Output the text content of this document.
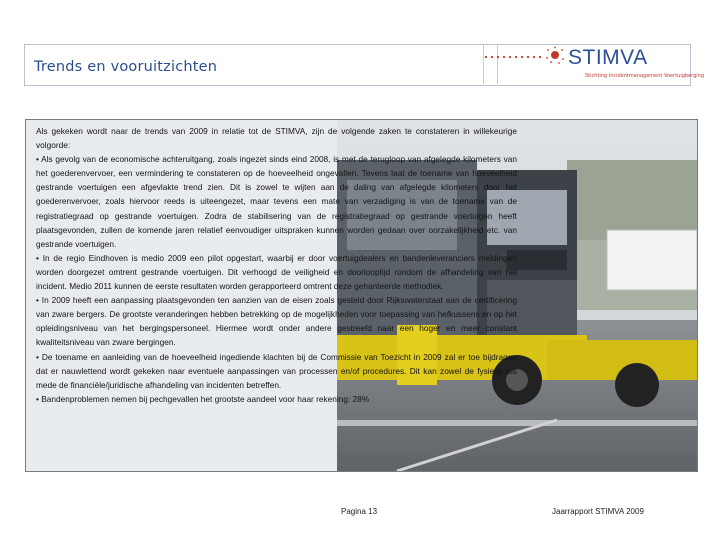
Trends en vooruitzichten	STIMVA
Stichting Incidentmanagement Voertuigberging

Als gekeken wordt naar de trends van 2009 in relatie tot de STIMVA, zijn de volgende zaken te constateren in willekeurige volgorde:

• Als gevolg van de economische achteruitgang, zoals ingezet sinds eind 2008, is met de terugloop van afgelegde kilometers van het goederenvervoer, een vermindering te constateren op de hoeveelheid ongevallen. Tevens laat de toename van hoeveelheid gestrande voertuigen een afgevlakte trend zien. Dit is zowel te wijten aan de daling van afgelegde kilometers door het goederenvervoer, zoals hiervoor reeds is uiteengezet, maar tevens een mate van verzadiging is van de toename van de registratiegraad op gestrande voertuigen. Zodra de stabilisering van de registratiegraad op gestrande voertuigen heeft plaatsgevonden, zullen de komende jaren relatief eenvoudiger uitspraken kunnen worden gedaan over oorzakelijkheid etc. van gestrande voertuigen.

• In de regio Eindhoven is medio 2009 een pilot opgestart, waarbij er door voertuigdealers en bandenleveranciers meldingen worden doorgezet omtrent gestrande voertuigen. Dit verhoogd de veiligheid en doorlooptijd rondom de afhandeling van het incident. Medio 2011 kunnen de eerste resultaten worden gerapporteerd omtrent deze gehanteerde methodiek.

• In 2009 heeft een aanpassing plaatsgevonden ten aanzien van de eisen zoals gesteld door Rijkswaterstaat aan de certificering van zware bergers. De grootste veranderingen hebben betrekking op de mogelijkheden voor toepassing van hefkussens en op het opleidingsniveau van het bergingspersoneel. Hiermee wordt onder andere gestreefd naar een hoger en meer constant kwaliteitsniveau van zware bergingen.

• De toename en aanleiding van de hoeveelheid ingediende klachten bij de Commissie van Toezicht in 2009 zal er toe bijdragen dat er nauwlettend wordt gekeken naar eventuele aanpassingen van processen en/of procedures. Dit kan zowel de fysieke als mede de financiële/juridische afhandeling van incidenten betreffen.

• Bandenproblemen nemen bij pechgevallen het grootste aandeel voor haar rekening: 28%

Pagina 13	Jaarrapport STIMVA 2009
